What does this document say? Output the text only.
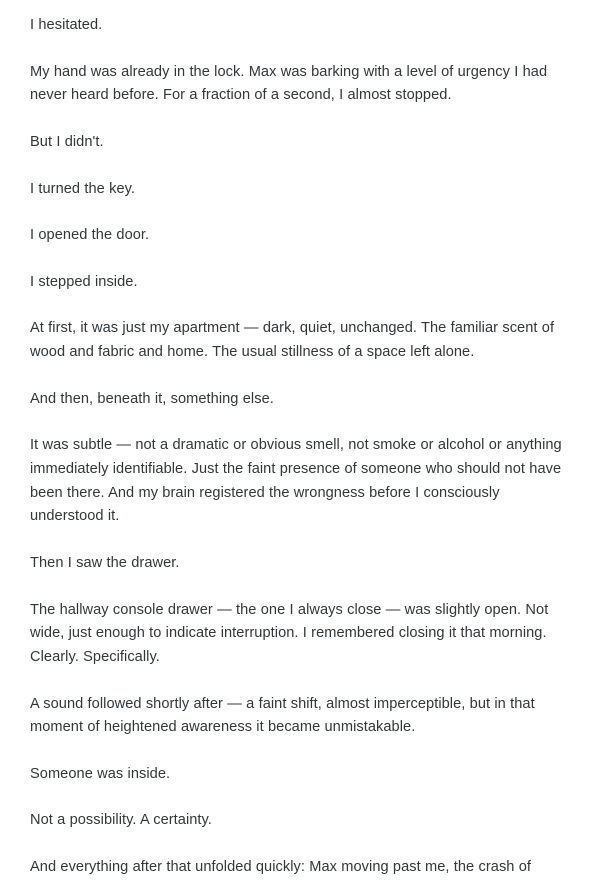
I hesitated.

My hand was already in the lock. Max was barking with a level of urgency I had never heard before. For a fraction of a second, I almost stopped.

But I didn't.

I turned the key.

I opened the door.

I stepped inside.

At first, it was just my apartment — dark, quiet, unchanged. The familiar scent of wood and fabric and home. The usual stillness of a space left alone.

And then, beneath it, something else.

It was subtle — not a dramatic or obvious smell, not smoke or alcohol or anything immediately identifiable. Just the faint presence of someone who should not have been there. And my brain registered the wrongness before I consciously understood it.

Then I saw the drawer.

The hallway console drawer — the one I always close — was slightly open. Not wide, just enough to indicate interruption. I remembered closing it that morning. Clearly. Specifically.

A sound followed shortly after — a faint shift, almost imperceptible, but in that moment of heightened awareness it became unmistakable.

Someone was inside.

Not a possibility. A certainty.

And everything after that unfolded quickly: Max moving past me, the crash of
